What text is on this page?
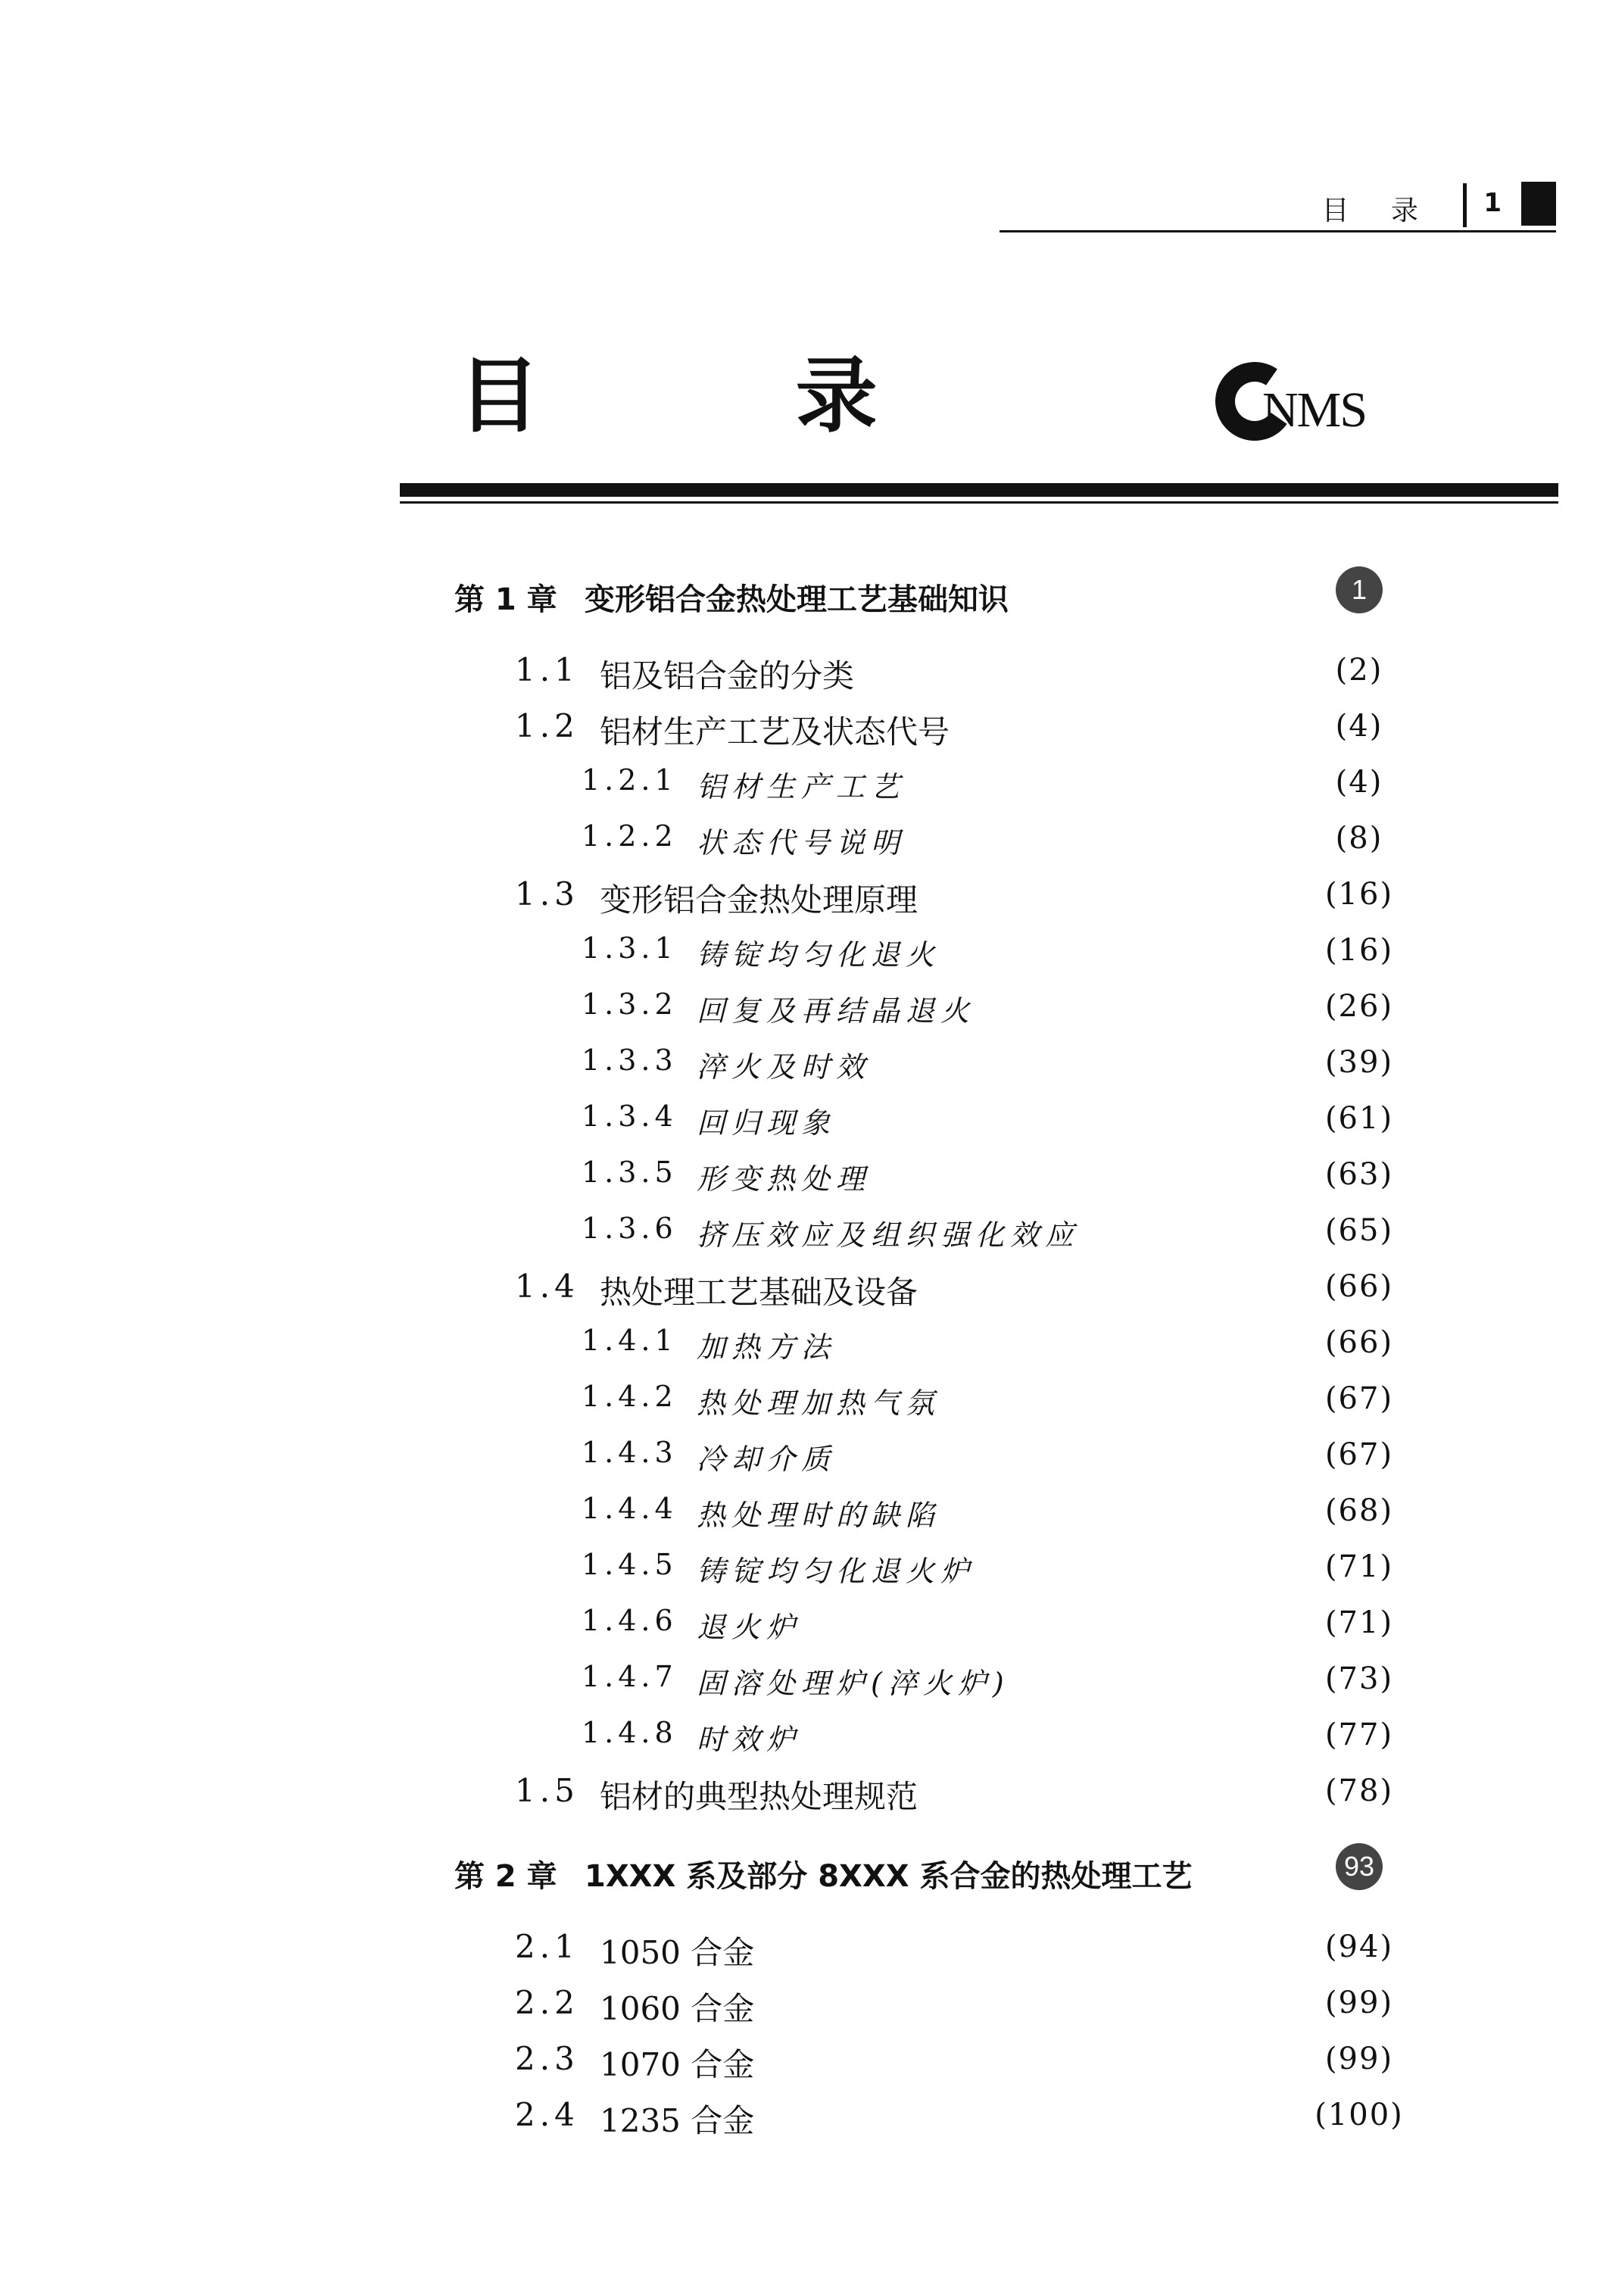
目 录 1
目 录	NMS
第 1 章 变形铝合金热处理工艺基础知识	1
1.1 铝及铝合金的分类	(2)
1.2 铝材生产工艺及状态代号	(4)
1.2.1 铝材生产工艺	(4)
1.2.2 状态代号说明	(8)
1.3 变形铝合金热处理原理	(16)
1.3.1 铸锭均匀化退火	(16)
1.3.2 回复及再结晶退火	(26)
1.3.3 淬火及时效	(39)
1.3.4 回归现象	(61)
1.3.5 形变热处理	(63)
1.3.6 挤压效应及组织强化效应	(65)
1.4 热处理工艺基础及设备	(66)
1.4.1 加热方法	(66)
1.4.2 热处理加热气氛	(67)
1.4.3 冷却介质	(67)
1.4.4 热处理时的缺陷	(68)
1.4.5 铸锭均匀化退火炉	(71)
1.4.6 退火炉	(71)
1.4.7 固溶处理炉(淬火炉)	(73)
1.4.8 时效炉	(77)
1.5 铝材的典型热处理规范	(78)
第 2 章 1XXX 系及部分 8XXX 系合金的热处理工艺	93
2.1 1050 合金	(94)
2.2 1060 合金	(99)
2.3 1070 合金	(99)
2.4 1235 合金	(100)
